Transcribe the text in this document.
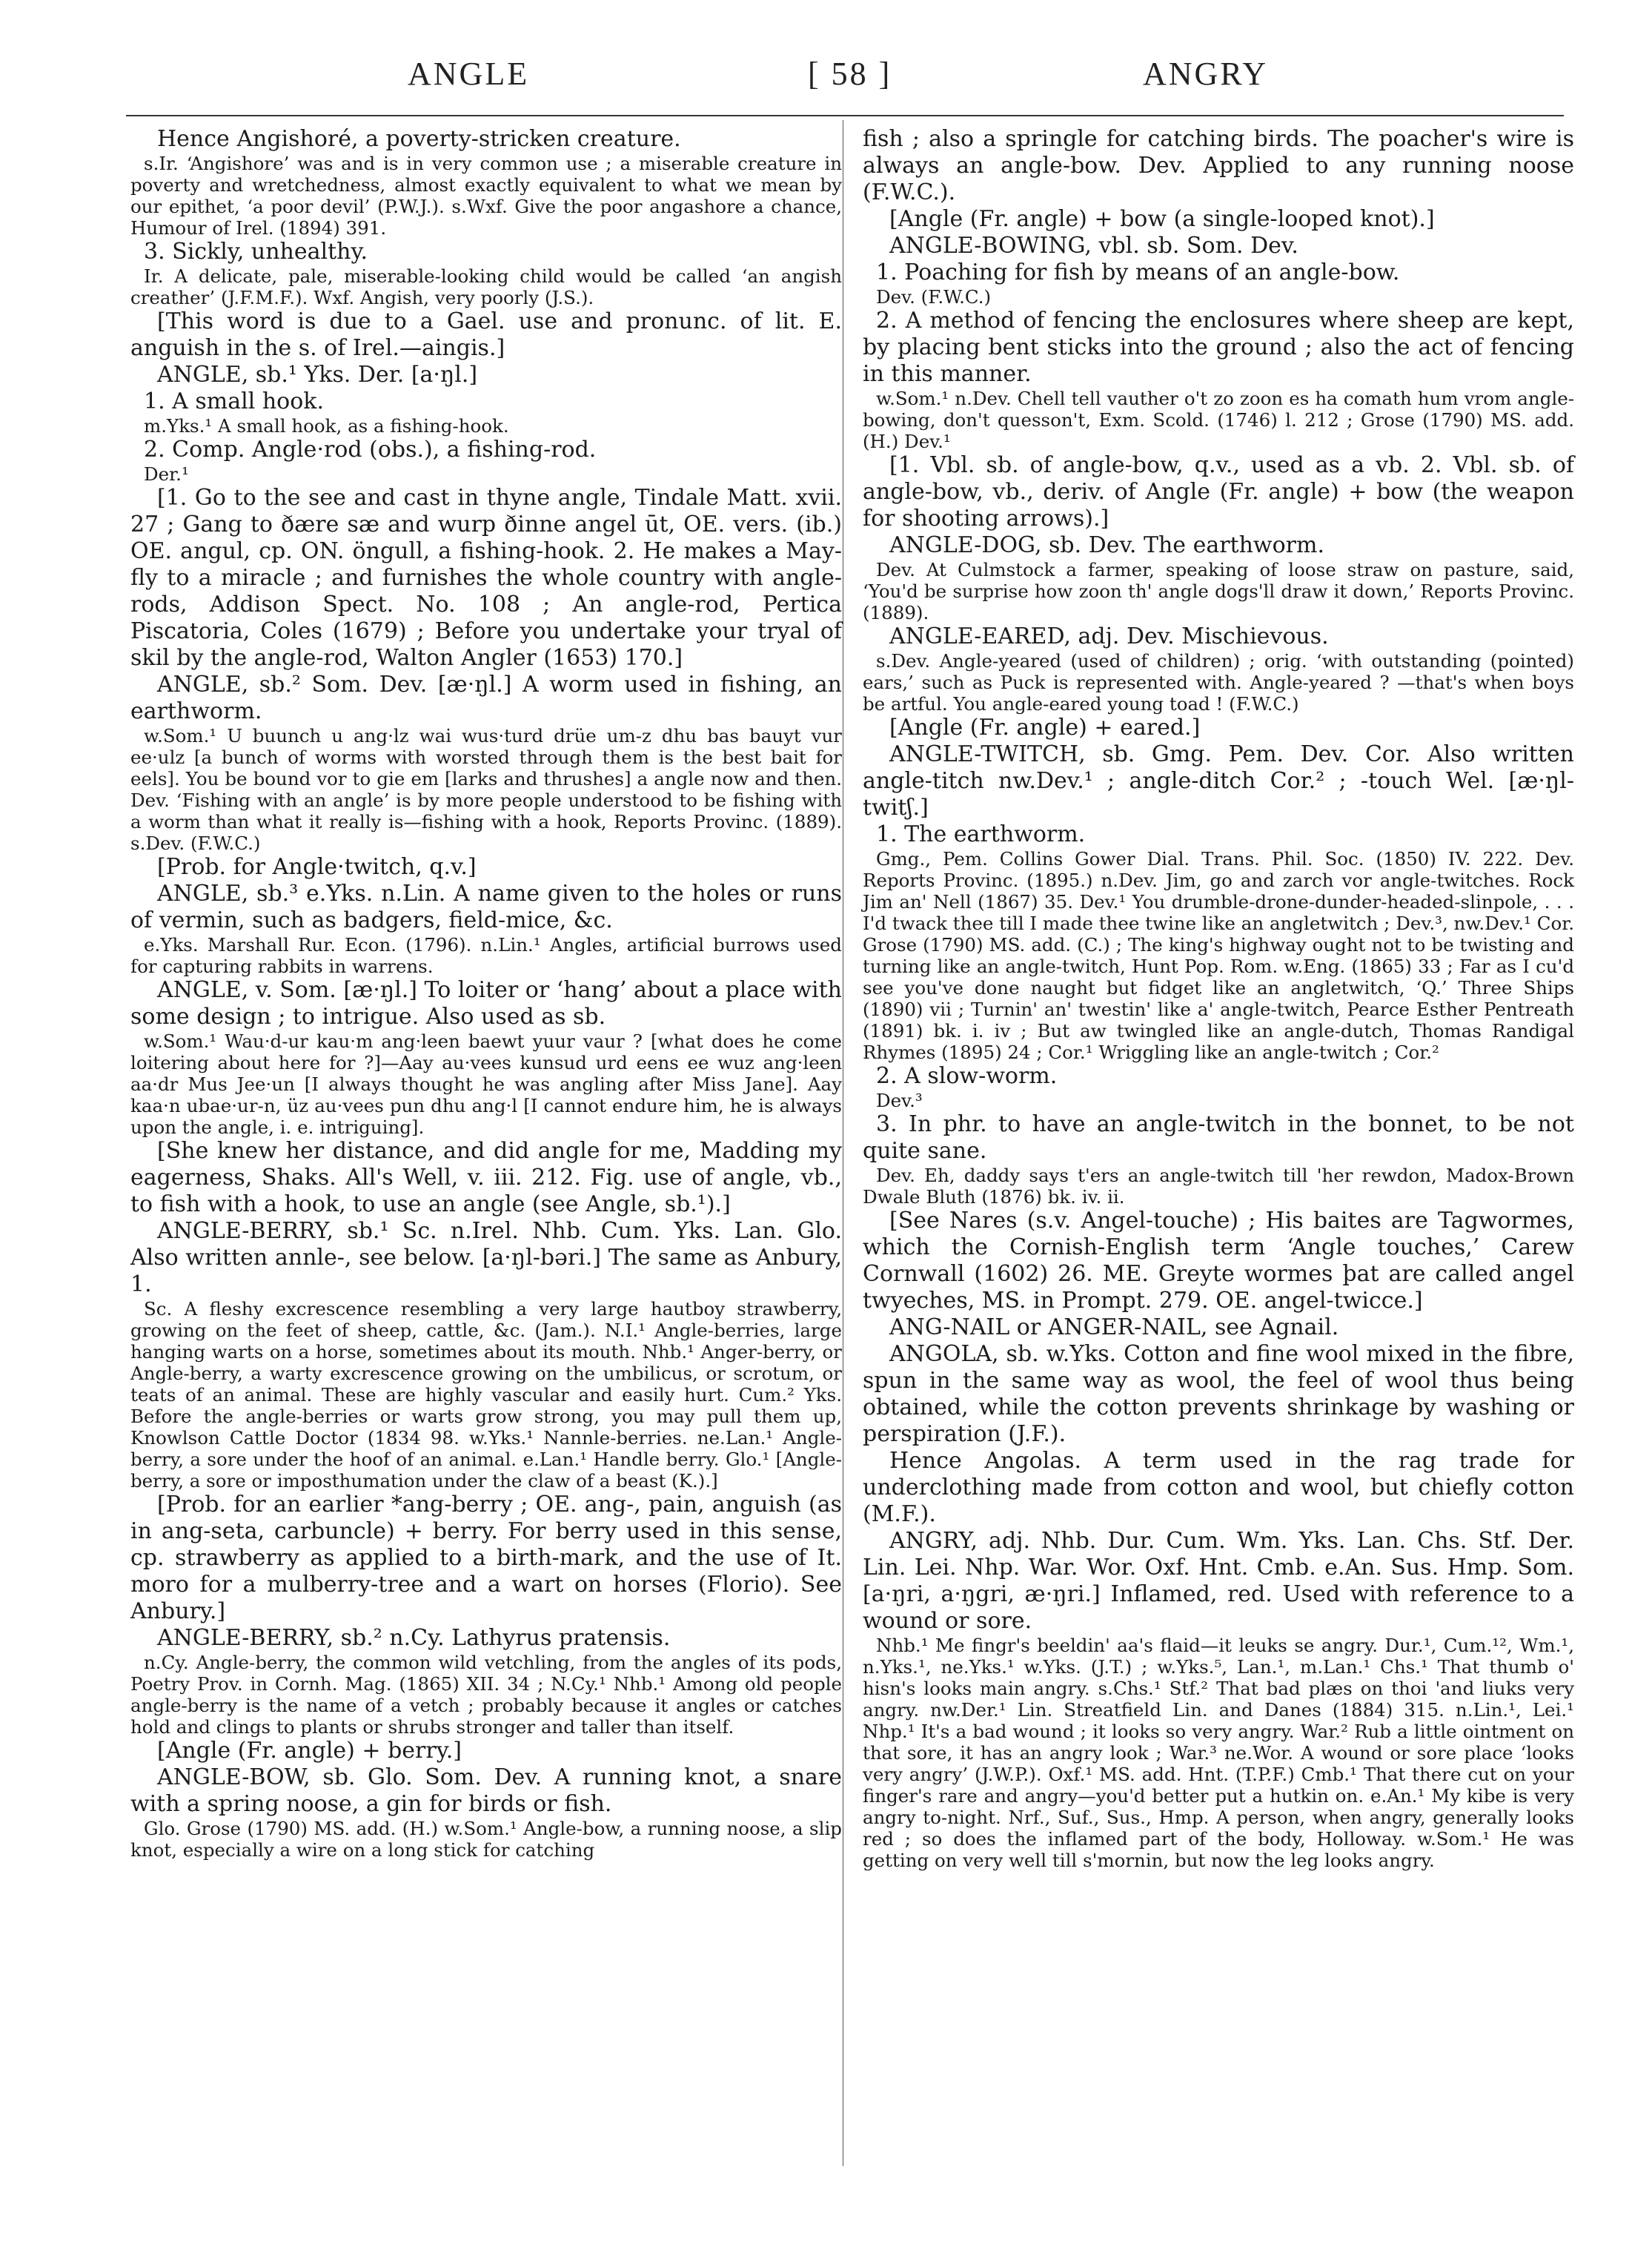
ANGLE	[ 58 ]	ANGRY

Hence Angishoré, a poverty-stricken creature.

s.Ir. ‘Angishore’ was and is in very common use ; a miserable creature in poverty and wretchedness, almost exactly equivalent to what we mean by our epithet, ‘a poor devil’ (P.W.J.). s.Wxf. Give the poor angashore a chance, Humour of Irel. (1894) 391.

3. Sickly, unhealthy.

Ir. A delicate, pale, miserable-looking child would be called ‘an angish creather’ (J.F.M.F.). Wxf. Angish, very poorly (J.S.).

[This word is due to a Gael. use and pronunc. of lit. E. anguish in the s. of Irel.—aingis.]

ANGLE, sb.¹ Yks. Der. [a·ŋl.]

1. A small hook.

m.Yks.¹ A small hook, as a fishing-hook.

2. Comp. Angle·rod (obs.), a fishing-rod.

Der.¹

[1. Go to the see and cast in thyne angle, Tindale Matt. xvii. 27 ; Gang to ðære sæ and wurp ðinne angel ūt, OE. vers. (ib.) OE. angul, cp. ON. öngull, a fishing-hook. 2. He makes a May-fly to a miracle ; and furnishes the whole country with angle-rods, Addison Spect. No. 108 ; An angle-rod, Pertica Piscatoria, Coles (1679) ; Before you undertake your tryal of skil by the angle-rod, Walton Angler (1653) 170.]

ANGLE, sb.² Som. Dev. [æ·ŋl.] A worm used in fishing, an earthworm.

w.Som.¹ U buunch u ang·lz wai wus·turd drüe um-z dhu bas bauyt vur ee·ulz [a bunch of worms with worsted through them is the best bait for eels]. You be bound vor to gie em [larks and thrushes] a angle now and then. Dev. ‘Fishing with an angle’ is by more people understood to be fishing with a worm than what it really is—fishing with a hook, Reports Provinc. (1889). s.Dev. (F.W.C.)

[Prob. for Angle·twitch, q.v.]

ANGLE, sb.³ e.Yks. n.Lin. A name given to the holes or runs of vermin, such as badgers, field-mice, &c.

e.Yks. Marshall Rur. Econ. (1796). n.Lin.¹ Angles, artificial burrows used for capturing rabbits in warrens.

ANGLE, v. Som. [æ·ŋl.] To loiter or ‘hang’ about a place with some design ; to intrigue. Also used as sb.

w.Som.¹ Wau·d-ur kau·m ang·leen baewt yuur vaur ? [what does he come loitering about here for ?]—Aay au·vees kunsud urd eens ee wuz ang·leen aa·dr Mus Jee·un [I always thought he was angling after Miss Jane]. Aay kaa·n ubae·ur-n, üz au·vees pun dhu ang·l [I cannot endure him, he is always upon the angle, i. e. intriguing].

[She knew her distance, and did angle for me, Madding my eagerness, Shaks. All's Well, v. iii. 212. Fig. use of angle, vb., to fish with a hook, to use an angle (see Angle, sb.¹).]

ANGLE-BERRY, sb.¹ Sc. n.Irel. Nhb. Cum. Yks. Lan. Glo. Also written annle-, see below. [a·ŋl-bəri.] The same as Anbury, 1.

Sc. A fleshy excrescence resembling a very large hautboy strawberry, growing on the feet of sheep, cattle, &c. (Jam.). N.I.¹ Angle-berries, large hanging warts on a horse, sometimes about its mouth. Nhb.¹ Anger-berry, or Angle-berry, a warty excrescence growing on the umbilicus, or scrotum, or teats of an animal. These are highly vascular and easily hurt. Cum.² Yks. Before the angle-berries or warts grow strong, you may pull them up, Knowlson Cattle Doctor (1834 98. w.Yks.¹ Nannle-berries. ne.Lan.¹ Angle-berry, a sore under the hoof of an animal. e.Lan.¹ Handle berry. Glo.¹ [Angle-berry, a sore or imposthumation under the claw of a beast (K.).]

[Prob. for an earlier *ang-berry ; OE. ang-, pain, anguish (as in ang-seta, carbuncle) + berry. For berry used in this sense, cp. strawberry as applied to a birth-mark, and the use of It. moro for a mulberry-tree and a wart on horses (Florio). See Anbury.]

ANGLE-BERRY, sb.² n.Cy. Lathyrus pratensis.

n.Cy. Angle-berry, the common wild vetchling, from the angles of its pods, Poetry Prov. in Cornh. Mag. (1865) XII. 34 ; N.Cy.¹ Nhb.¹ Among old people angle-berry is the name of a vetch ; probably because it angles or catches hold and clings to plants or shrubs stronger and taller than itself.

[Angle (Fr. angle) + berry.]

ANGLE-BOW, sb. Glo. Som. Dev. A running knot, a snare with a spring noose, a gin for birds or fish.

Glo. Grose (1790) MS. add. (H.) w.Som.¹ Angle-bow, a running noose, a slip knot, especially a wire on a long stick for catching

fish ; also a springle for catching birds. The poacher's wire is always an angle-bow. Dev. Applied to any running noose (F.W.C.).

[Angle (Fr. angle) + bow (a single-looped knot).]

ANGLE-BOWING, vbl. sb. Som. Dev.

1. Poaching for fish by means of an angle-bow.

Dev. (F.W.C.)

2. A method of fencing the enclosures where sheep are kept, by placing bent sticks into the ground ; also the act of fencing in this manner.

w.Som.¹ n.Dev. Chell tell vauther o't zo zoon es ha comath hum vrom angle-bowing, don't quesson't, Exm. Scold. (1746) l. 212 ; Grose (1790) MS. add. (H.) Dev.¹

[1. Vbl. sb. of angle-bow, q.v., used as a vb. 2. Vbl. sb. of angle-bow, vb., deriv. of Angle (Fr. angle) + bow (the weapon for shooting arrows).]

ANGLE-DOG, sb. Dev. The earthworm.

Dev. At Culmstock a farmer, speaking of loose straw on pasture, said, ‘You'd be surprise how zoon th' angle dogs'll draw it down,’ Reports Provinc. (1889).

ANGLE-EARED, adj. Dev. Mischievous.

s.Dev. Angle-yeared (used of children) ; orig. ‘with outstanding (pointed) ears,’ such as Puck is represented with. Angle-yeared ? —that's when boys be artful. You angle-eared young toad ! (F.W.C.)

[Angle (Fr. angle) + eared.]

ANGLE-TWITCH, sb. Gmg. Pem. Dev. Cor. Also written angle-titch nw.Dev.¹ ; angle-ditch Cor.² ; -touch Wel. [æ·ŋl-twitʃ.]

1. The earthworm.

Gmg., Pem. Collins Gower Dial. Trans. Phil. Soc. (1850) IV. 222. Dev. Reports Provinc. (1895.) n.Dev. Jim, go and zarch vor angle-twitches. Rock Jim an' Nell (1867) 35. Dev.¹ You drumble-drone-dunder-headed-slinpole, . . . I'd twack thee till I made thee twine like an angletwitch ; Dev.³, nw.Dev.¹ Cor. Grose (1790) MS. add. (C.) ; The king's highway ought not to be twisting and turning like an angle-twitch, Hunt Pop. Rom. w.Eng. (1865) 33 ; Far as I cu'd see you've done naught but fidget like an angletwitch, ‘Q.’ Three Ships (1890) vii ; Turnin' an' twestin' like a' angle-twitch, Pearce Esther Pentreath (1891) bk. i. iv ; But aw twingled like an angle-dutch, Thomas Randigal Rhymes (1895) 24 ; Cor.¹ Wriggling like an angle-twitch ; Cor.²

2. A slow-worm.

Dev.³

3. In phr. to have an angle-twitch in the bonnet, to be not quite sane.

Dev. Eh, daddy says t'ers an angle-twitch till 'her rewdon, Madox-Brown Dwale Bluth (1876) bk. iv. ii.

[See Nares (s.v. Angel-touche) ; His baites are Tagwormes, which the Cornish-English term ‘Angle touches,’ Carew Cornwall (1602) 26. ME. Greyte wormes þat are called angel twyeches, MS. in Prompt. 279. OE. angel-twicce.]

ANG-NAIL or ANGER-NAIL, see Agnail.

ANGOLA, sb. w.Yks. Cotton and fine wool mixed in the fibre, spun in the same way as wool, the feel of wool thus being obtained, while the cotton prevents shrinkage by washing or perspiration (J.F.).

Hence Angolas. A term used in the rag trade for underclothing made from cotton and wool, but chiefly cotton (M.F.).

ANGRY, adj. Nhb. Dur. Cum. Wm. Yks. Lan. Chs. Stf. Der. Lin. Lei. Nhp. War. Wor. Oxf. Hnt. Cmb. e.An. Sus. Hmp. Som. [a·ŋri, a·ŋgri, æ·ŋri.] Inflamed, red. Used with reference to a wound or sore.

Nhb.¹ Me fingr's beeldin' aa's flaid—it leuks se angry. Dur.¹, Cum.¹², Wm.¹, n.Yks.¹, ne.Yks.¹ w.Yks. (J.T.) ; w.Yks.⁵, Lan.¹, m.Lan.¹ Chs.¹ That thumb o' hisn's looks main angry. s.Chs.¹ Stf.² That bad plæs on thoi 'and liuks very angry. nw.Der.¹ Lin. Streatfield Lin. and Danes (1884) 315. n.Lin.¹, Lei.¹ Nhp.¹ It's a bad wound ; it looks so very angry. War.² Rub a little ointment on that sore, it has an angry look ; War.³ ne.Wor. A wound or sore place ‘looks very angry’ (J.W.P.). Oxf.¹ MS. add. Hnt. (T.P.F.) Cmb.¹ That there cut on your finger's rare and angry—you'd better put a hutkin on. e.An.¹ My kibe is very angry to-night. Nrf., Suf., Sus., Hmp. A person, when angry, generally looks red ; so does the inflamed part of the body, Holloway. w.Som.¹ He was getting on very well till s'mornin, but now the leg looks angry.
